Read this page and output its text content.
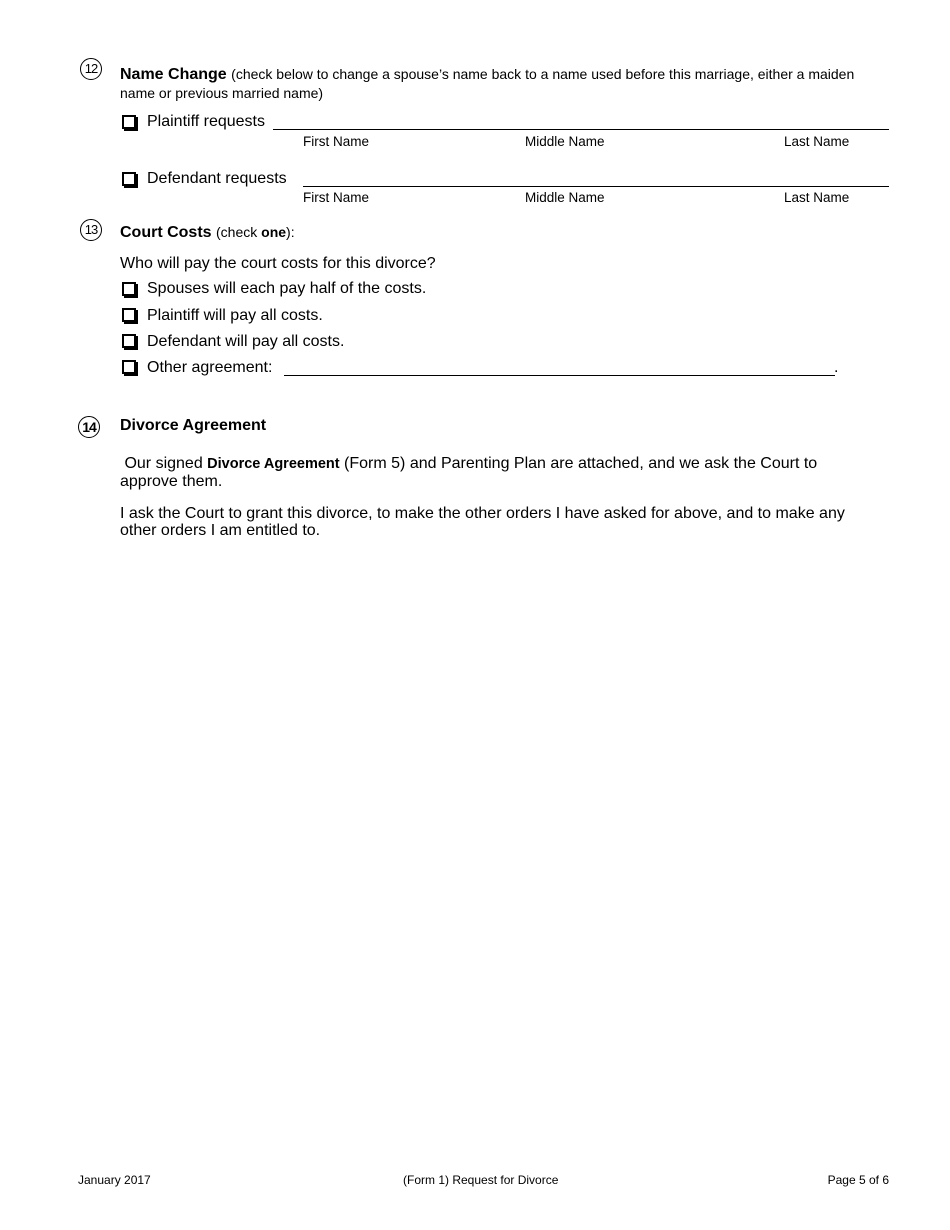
12 Name Change (check below to change a spouse’s name back to a name used before this marriage, either a maiden name or previous married name)
Plaintiff requests
First Name	Middle Name	Last Name
Defendant requests
First Name	Middle Name	Last Name
13 Court Costs (check one):
Who will pay the court costs for this divorce?
Spouses will each pay half of the costs.
Plaintiff will pay all costs.
Defendant will pay all costs.
Other agreement:	.
14 Divorce Agreement
Our signed Divorce Agreement (Form 5) and Parenting Plan are attached, and we ask the Court to approve them.
I ask the Court to grant this divorce, to make the other orders I have asked for above, and to make any other orders I am entitled to.
January 2017	(Form 1) Request for Divorce	Page 5 of 6
